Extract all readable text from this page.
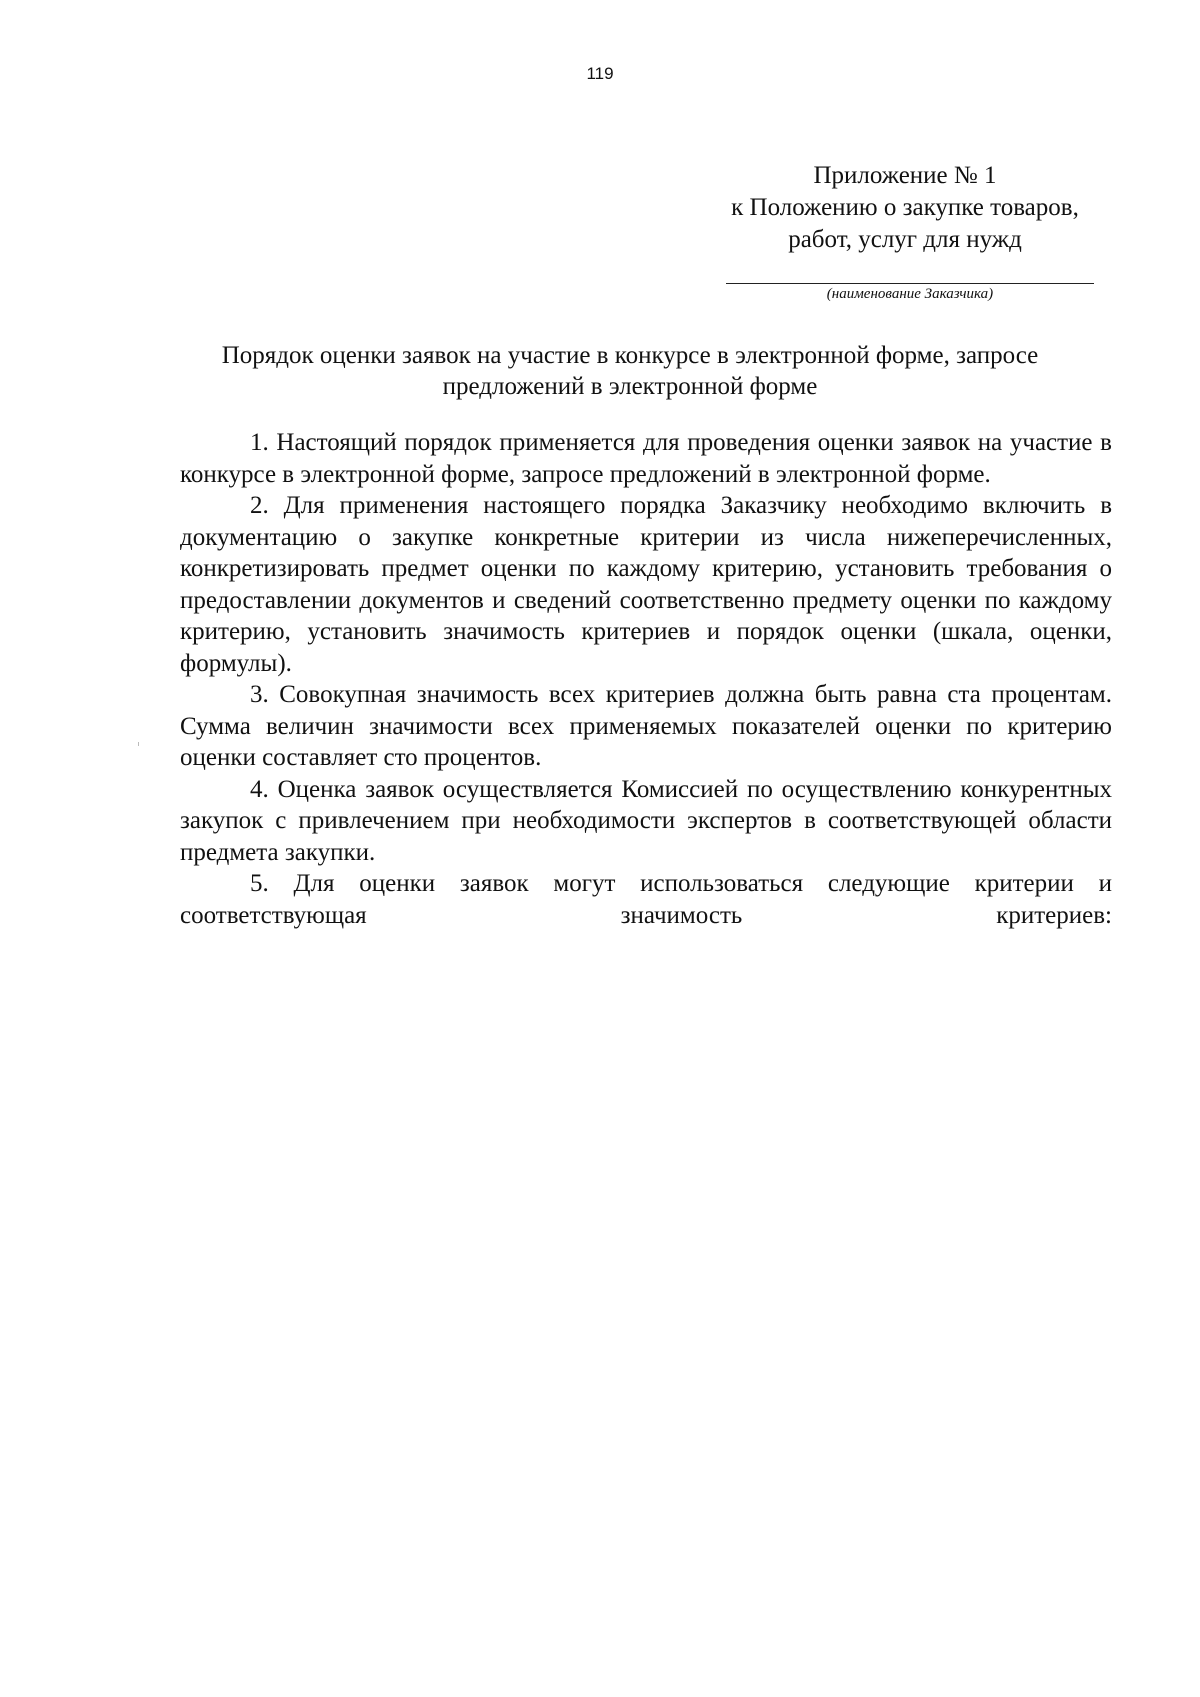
119
Приложение № 1
к Положению о закупке товаров,
работ, услуг для нужд
(наименование Заказчика)
Порядок оценки заявок на участие в конкурсе в электронной форме, запросе
предложений в электронной форме

1. Настоящий порядок применяется для проведения оценки заявок на участие в конкурсе в электронной форме, запросе предложений в электронной форме.

2. Для применения настоящего порядка Заказчику необходимо включить в документацию о закупке конкретные критерии из числа нижеперечисленных, конкретизировать предмет оценки по каждому критерию, установить требования о предоставлении документов и сведений соответственно предмету оценки по каждому критерию, установить значимость критериев и порядок оценки (шкала, оценки, формулы).

3. Совокупная значимость всех критериев должна быть равна ста процентам. Сумма величин значимости всех применяемых показателей оценки по критерию оценки составляет сто процентов.

4. Оценка заявок осуществляется Комиссией по осуществлению конкурентных закупок с привлечением при необходимости экспертов в соответствующей области предмета закупки.

5. Для оценки заявок могут использоваться следующие критерии и соответствующая значимость критериев:
